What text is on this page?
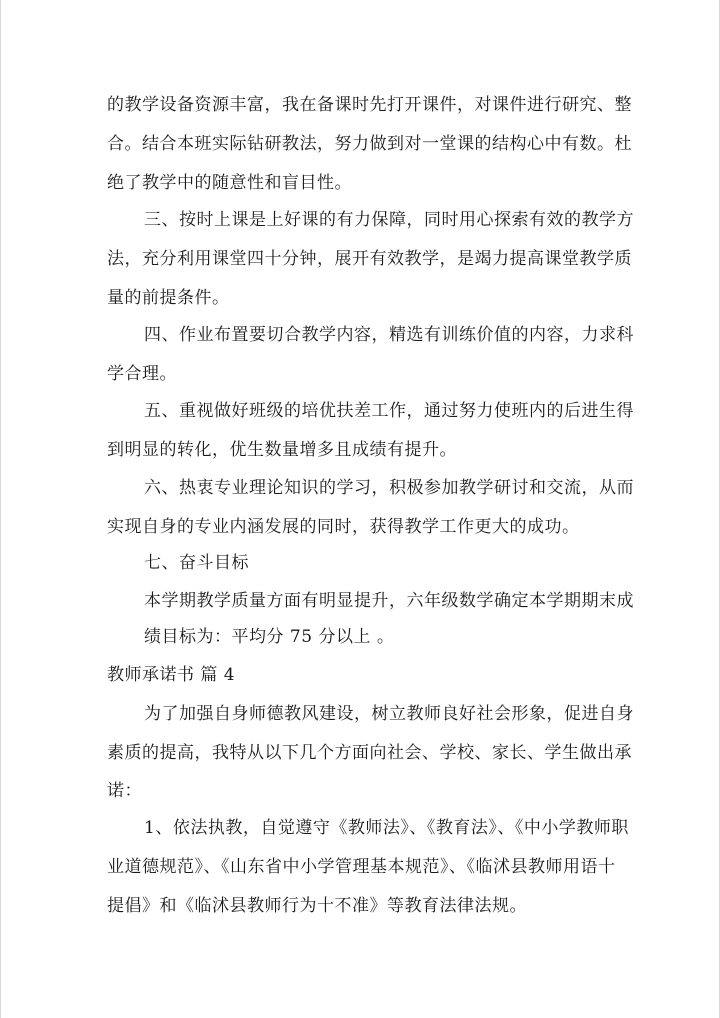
的教学设备资源丰富，我在备课时先打开课件，对课件进行研究、整
合。结合本班实际钻研教法，努力做到对一堂课的结构心中有数。杜
绝了教学中的随意性和盲目性。
三、按时上课是上好课的有力保障，同时用心探索有效的教学方
法，充分利用课堂四十分钟，展开有效教学，是竭力提高课堂教学质
量的前提条件。
四、作业布置要切合教学内容，精选有训练价值的内容，力求科
学合理。
五、重视做好班级的培优扶差工作，通过努力使班内的后进生得
到明显的转化，优生数量增多且成绩有提升。
六、热衷专业理论知识的学习，积极参加教学研讨和交流，从而
实现自身的专业内涵发展的同时，获得教学工作更大的成功。
七、奋斗目标
本学期教学质量方面有明显提升，六年级数学确定本学期期末成
绩目标为：平均分 75 分以上 。
教师承诺书 篇 4
为了加强自身师德教风建设，树立教师良好社会形象，促进自身
素质的提高，我特从以下几个方面向社会、学校、家长、学生做出承
诺：
1、依法执教，自觉遵守《教师法》、《教育法》、《中小学教师职
业道德规范》、《山东省中小学管理基本规范》、《临沭县教师用语十
提倡》和《临沭县教师行为十不准》等教育法律法规。
